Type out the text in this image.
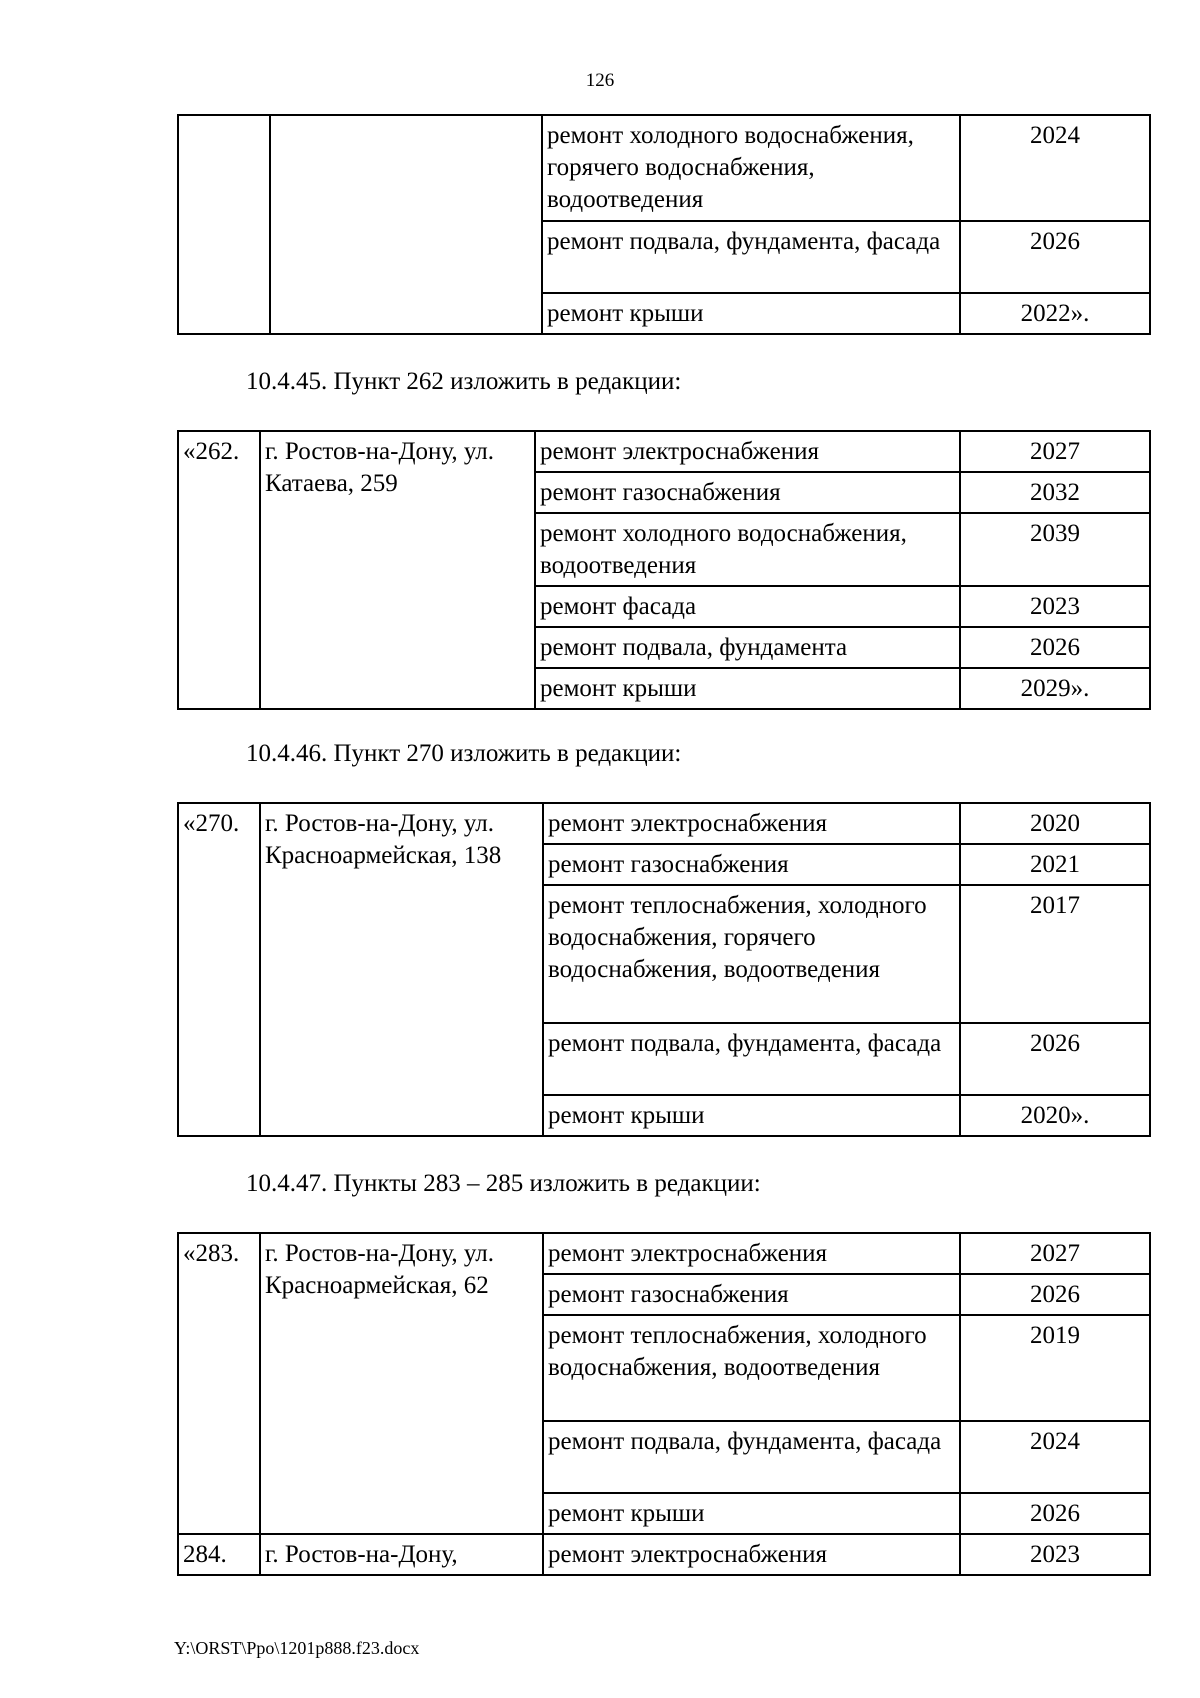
126
		ремонт холодного водоснабжения, горячего водоснабжения, водоотведения	2024
		ремонт подвала, фундамента, фасада	2026
		ремонт крыши	2022».
10.4.45. Пункт 262 изложить в редакции:
«262.	г. Ростов-на-Дону, ул. Катаева, 259	ремонт электроснабжения	2027
		ремонт газоснабжения	2032
		ремонт холодного водоснабжения, водоотведения	2039
		ремонт фасада	2023
		ремонт подвала, фундамента	2026
		ремонт крыши	2029».
10.4.46. Пункт 270 изложить в редакции:
«270.	г. Ростов-на-Дону, ул. Красноармейская, 138	ремонт электроснабжения	2020
		ремонт газоснабжения	2021
		ремонт теплоснабжения, холодного водоснабжения, горячего водоснабжения, водоотведения	2017
		ремонт подвала, фундамента, фасада	2026
		ремонт крыши	2020».
10.4.47. Пункты 283 – 285 изложить в редакции:
«283.	г. Ростов-на-Дону, ул. Красноармейская, 62	ремонт электроснабжения	2027
		ремонт газоснабжения	2026
		ремонт теплоснабжения, холодного водоснабжения, водоотведения	2019
		ремонт подвала, фундамента, фасада	2024
		ремонт крыши	2026
284.	г. Ростов-на-Дону,	ремонт электроснабжения	2023
Y:\ORST\Ppo\1201p888.f23.docx
